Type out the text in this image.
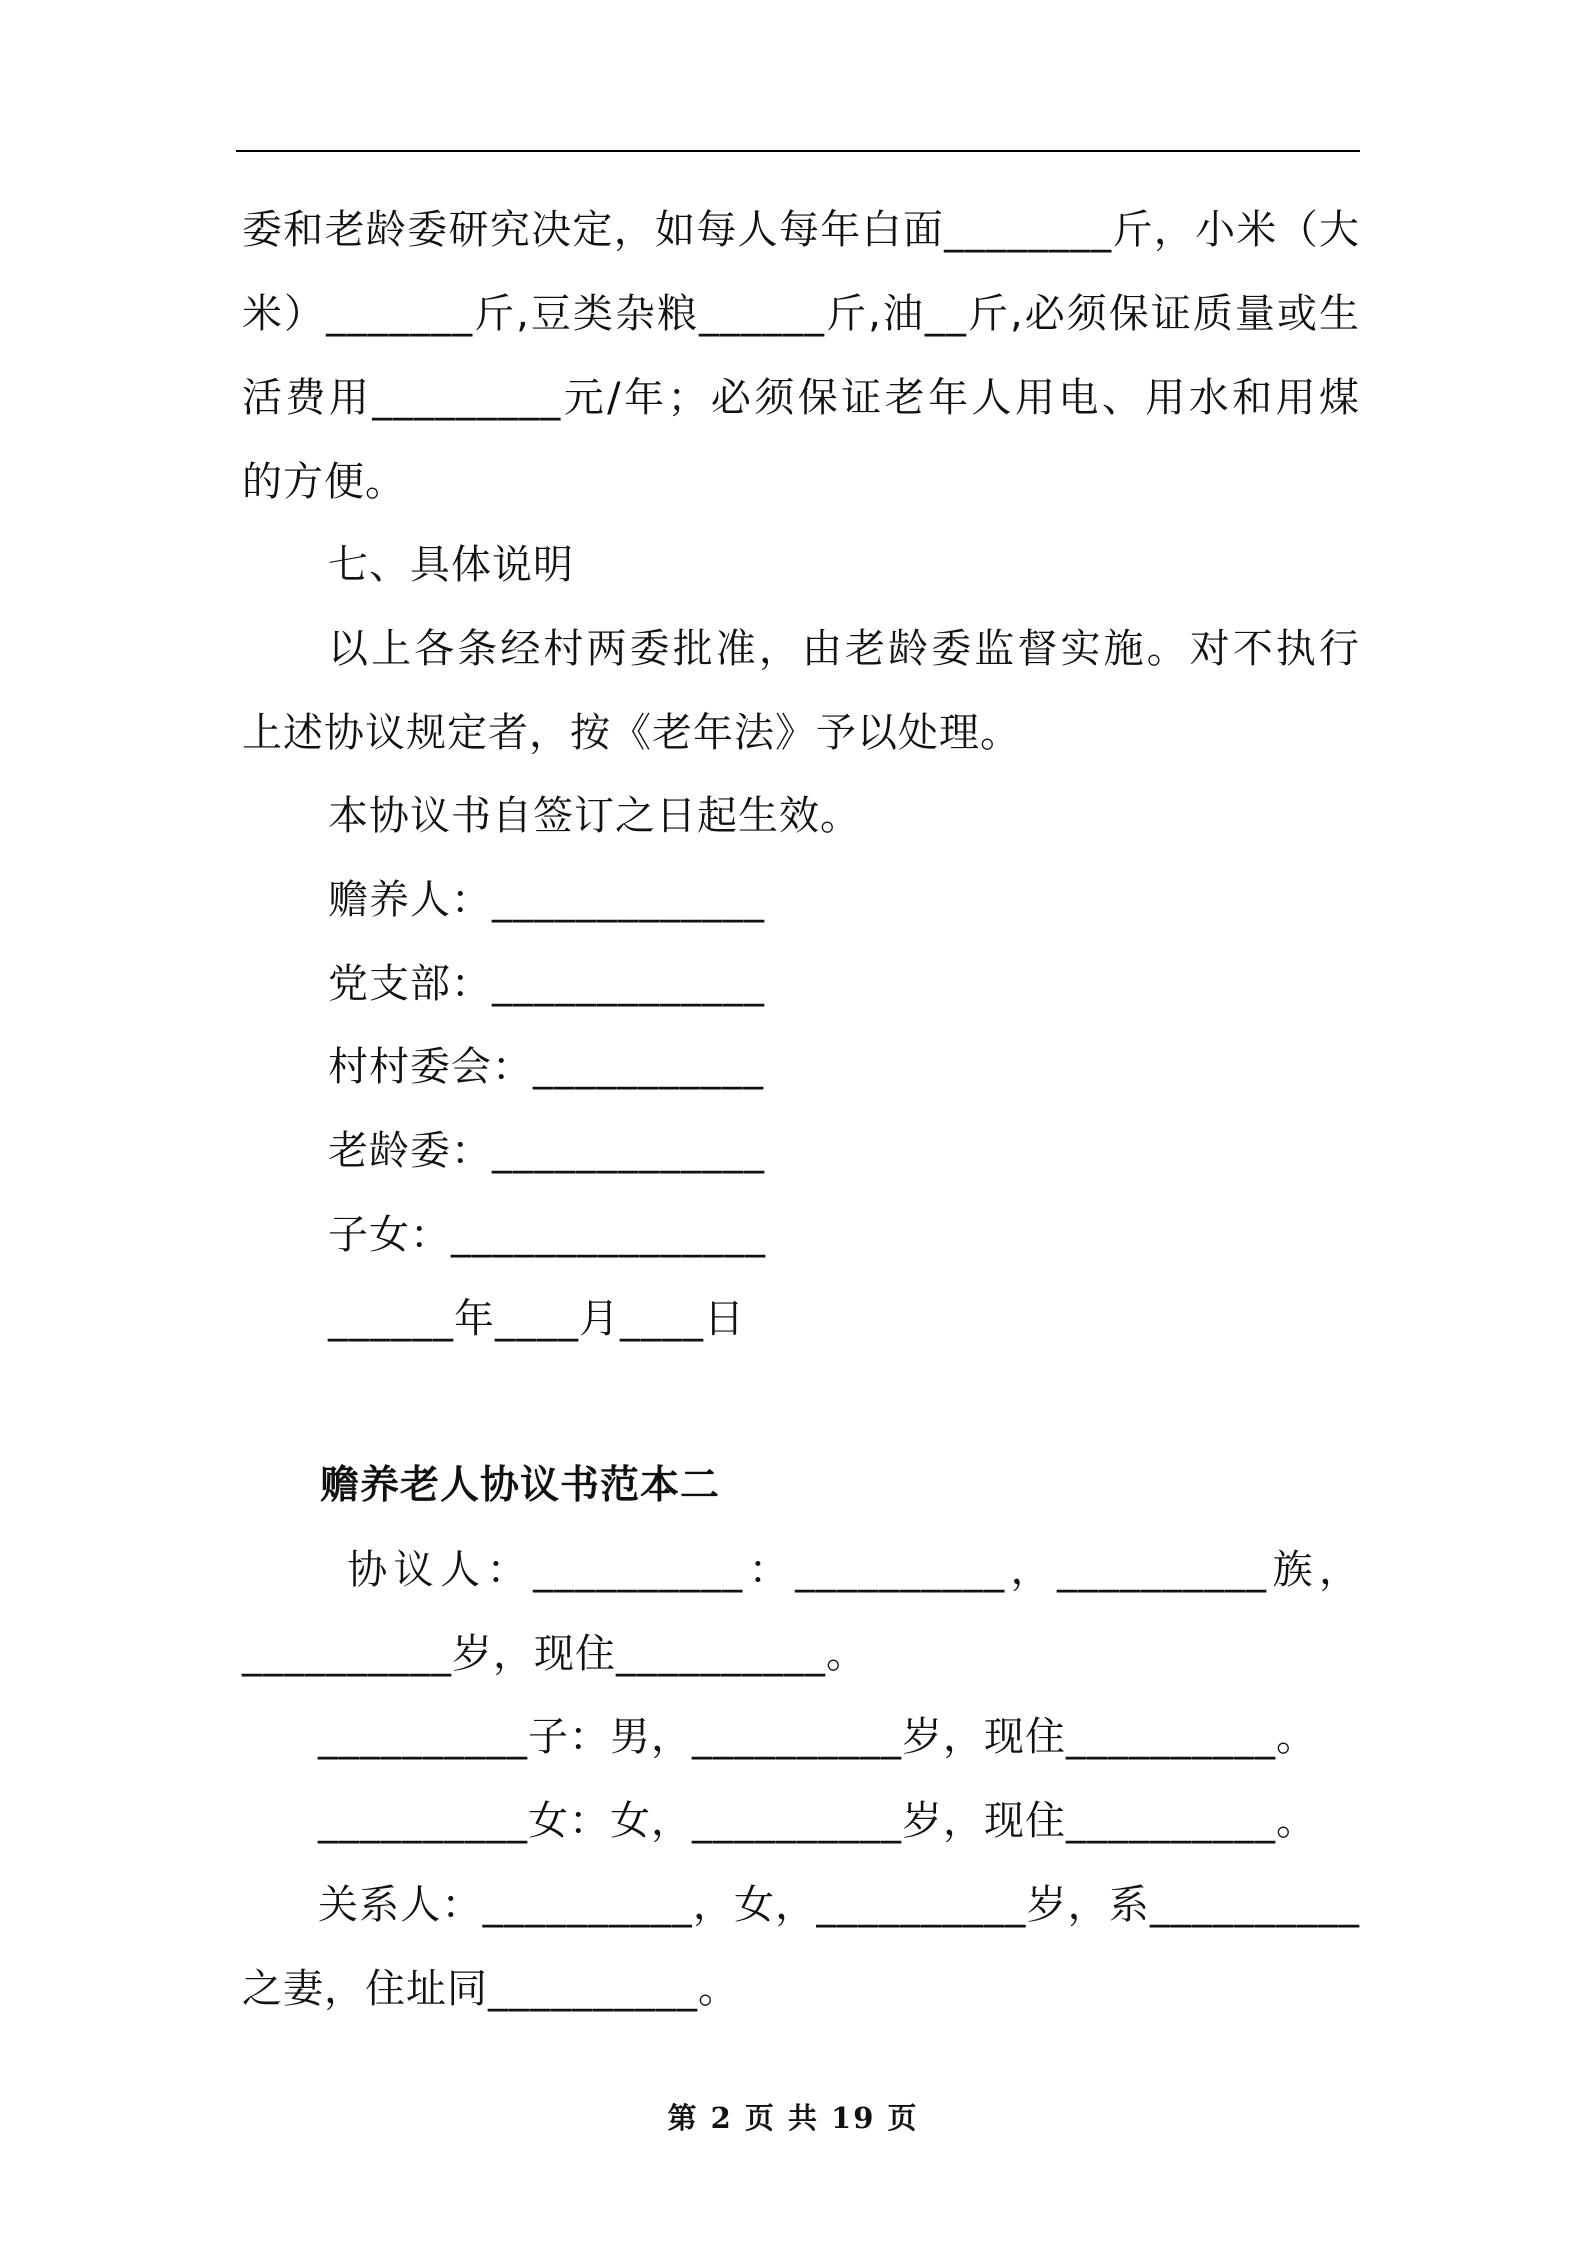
委和老龄委研究决定，如每人每年白面________斤，小米（大
米）_______斤,豆类杂粮______斤,油__斤,必须保证质量或生
活费用_________元/年；必须保证老年人用电、用水和用煤
的方便。
七、具体说明
以上各条经村两委批准，由老龄委监督实施。对不执行
上述协议规定者，按《老年法》予以处理。
本协议书自签订之日起生效。
赡养人：_____________
党支部：_____________
村村委会：___________
老龄委：_____________
子女：_______________
______年____月____日
赡养老人协议书范本二
协议人：__________：__________，__________族，
__________岁，现住__________。
__________子：男，__________岁，现住__________。
__________女：女，__________岁，现住__________。
关系人：__________，女，__________岁，系__________
之妻，住址同__________。
第 2 页 共 19 页
